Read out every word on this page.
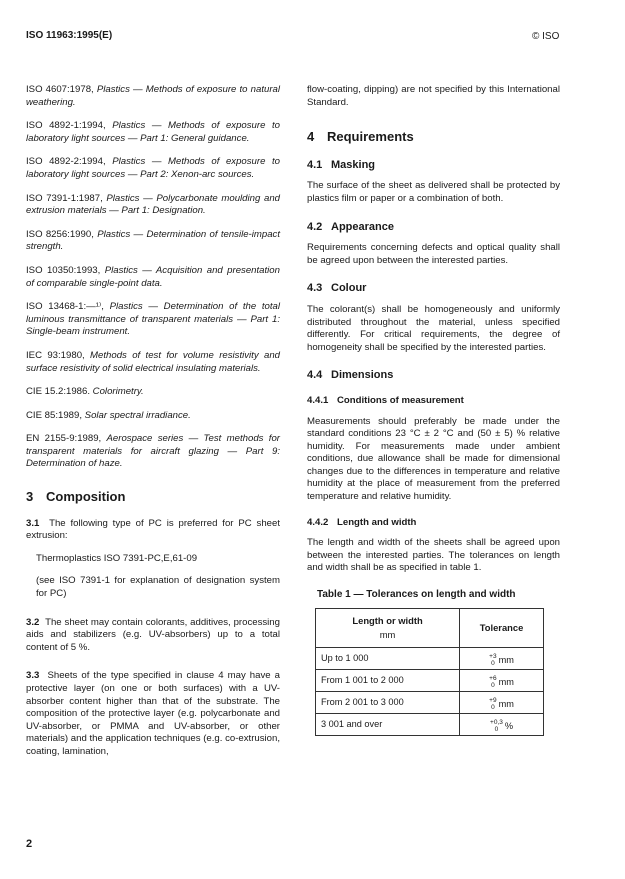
ISO 11963:1995(E)	© ISO

ISO 4607:1978, Plastics — Methods of exposure to natural weathering.

ISO 4892-1:1994, Plastics — Methods of exposure to laboratory light sources — Part 1: General guidance.

ISO 4892-2:1994, Plastics — Methods of exposure to laboratory light sources — Part 2: Xenon-arc sources.

ISO 7391-1:1987, Plastics — Polycarbonate moulding and extrusion materials — Part 1: Designation.

ISO 8256:1990, Plastics — Determination of tensile-impact strength.

ISO 10350:1993, Plastics — Acquisition and presentation of comparable single-point data.

ISO 13468-1:—¹⁾, Plastics — Determination of the total luminous transmittance of transparent materials — Part 1: Single-beam instrument.

IEC 93:1980, Methods of test for volume resistivity and surface resistivity of solid electrical insulating materials.

CIE 15.2:1986. Colorimetry.

CIE 85:1989, Solar spectral irradiance.

EN 2155-9:1989, Aerospace series — Test methods for transparent materials for aircraft glazing — Part 9: Determination of haze.

3 Composition

3.1 The following type of PC is preferred for PC sheet extrusion:

Thermoplastics ISO 7391-PC,E,61-09

(see ISO 7391-1 for explanation of designation system for PC)

3.2 The sheet may contain colorants, additives, processing aids and stabilizers (e.g. UV-absorbers) up to a total content of 5 %.

3.3 Sheets of the type specified in clause 4 may have a protective layer (on one or both surfaces) with a UV-absorber content higher than that of the substrate. The composition of the protective layer (e.g. polycarbonate and UV-absorber, or PMMA and UV-absorber, or other materials) and the application techniques (e.g. co-extrusion, coating, lamination,

flow-coating, dipping) are not specified by this International Standard.

4 Requirements
4.1 Masking

The surface of the sheet as delivered shall be protected by plastics film or paper or a combination of both.

4.2 Appearance

Requirements concerning defects and optical quality shall be agreed upon between the interested parties.

4.3 Colour

The colorant(s) shall be homogeneously and uniformly distributed throughout the material, unless specified differently. For critical requirements, the degree of homogeneity shall be specified by the interested parties.

4.4 Dimensions
4.4.1 Conditions of measurement

Measurements should preferably be made under the standard conditions 23 °C ± 2 °C and (50 ± 5) % relative humidity. For measurements made under ambient conditions, due allowance shall be made for dimensional changes due to the differences in temperature and relative humidity at the place of measurement from the preferred temperature and relative humidity.

4.4.2 Length and width

The length and width of the sheets shall be agreed upon between the interested parties. The tolerances on length and width shall be as specified in table 1.

Table 1 — Tolerances on length and width
Length or width
mm	Tolerance
Up to 1 000	+3
0 mm

From 1 001 to 2 000	+6
0 mm

From 2 001 to 3 000	+9
0 mm

3 001 and over	+0,3
0 %
2
